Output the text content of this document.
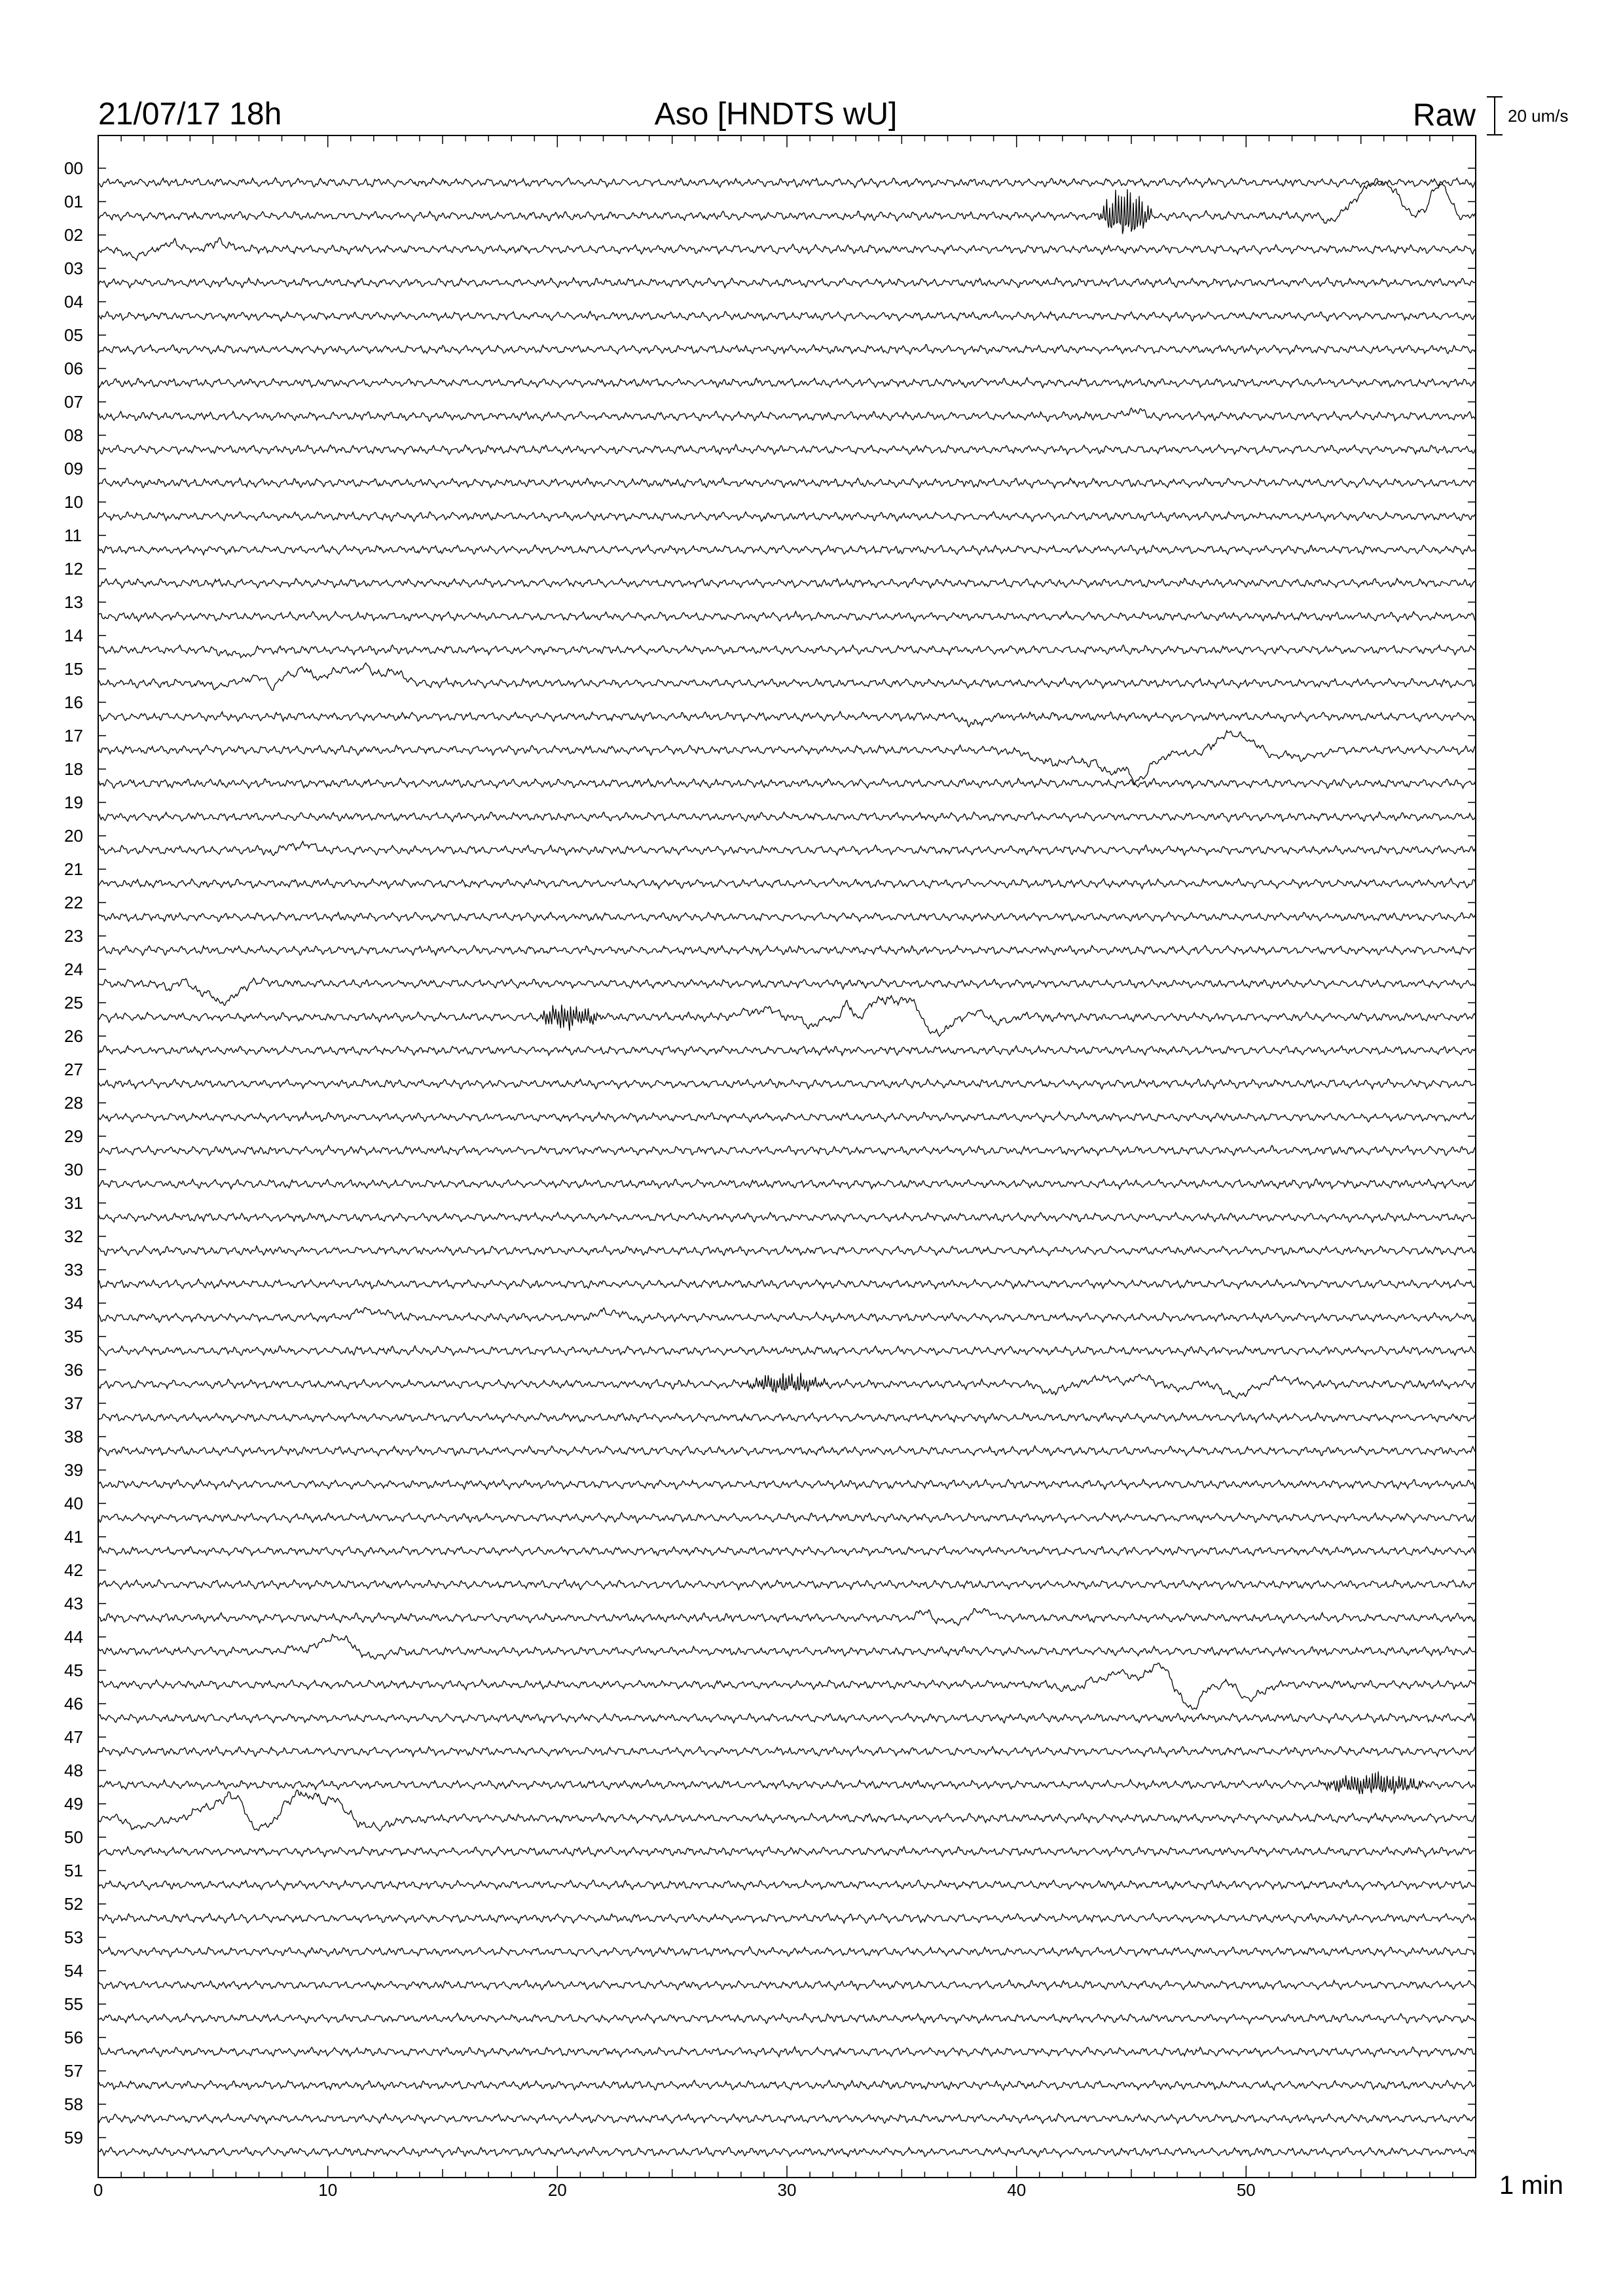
21/07/17 18h	Aso [HNDTS wU]	Raw 20 um/s
00
01
02
03
04
05
06
07
08
09
10
11
12
13
14
15
16
17
18
19
20
21
22
23
24
25
26
27
28
29
30
31
32
33
34
35
36
37
38
39
40
41
42
43
44
45
46
47
48
49
50
51
52
53
54
55
56
57
58
59
0	10	20	30	40	50	1 min
